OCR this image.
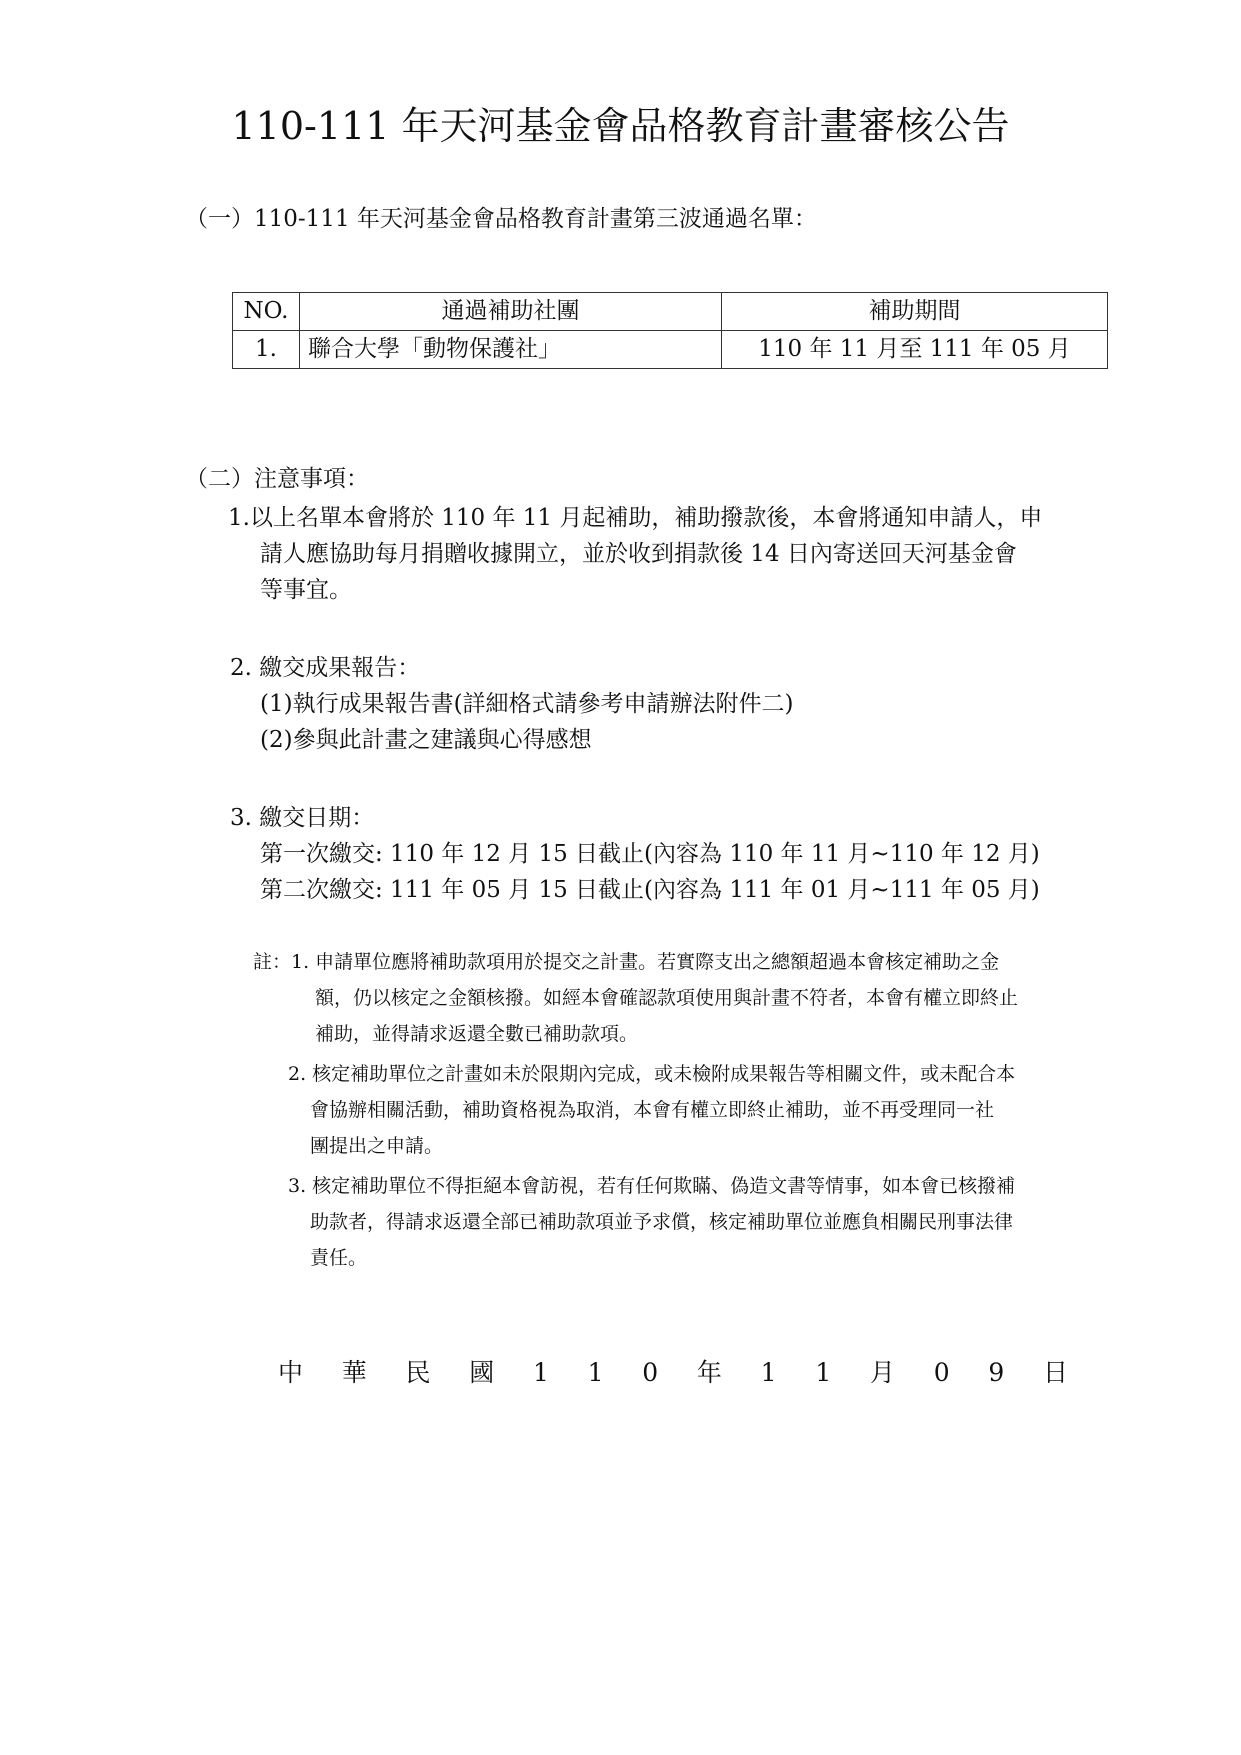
110-111 年天河基金會品格教育計畫審核公告
（一）110-111 年天河基金會品格教育計畫第三波通過名單：
NO.	通過補助社團	補助期間
1.	聯合大學「動物保護社」	110 年 11 月至 111 年 05 月
（二）注意事項：
1.以上名單本會將於 110 年 11 月起補助，補助撥款後，本會將通知申請人，申
請人應協助每月捐贈收據開立，並於收到捐款後 14 日內寄送回天河基金會
等事宜。
2. 繳交成果報告：
(1)執行成果報告書(詳細格式請參考申請辦法附件二)
(2)參與此計畫之建議與心得感想
3. 繳交日期：
第一次繳交: 110 年 12 月 15 日截止(內容為 110 年 11 月~110 年 12 月)
第二次繳交: 111 年 05 月 15 日截止(內容為 111 年 01 月~111 年 05 月)
註：1. 申請單位應將補助款項用於提交之計畫。若實際支出之總額超過本會核定補助之金
額，仍以核定之金額核撥。如經本會確認款項使用與計畫不符者，本會有權立即終止
補助，並得請求返還全數已補助款項。
2. 核定補助單位之計畫如未於限期內完成，或未檢附成果報告等相關文件，或未配合本
會協辦相關活動，補助資格視為取消，本會有權立即終止補助，並不再受理同一社
團提出之申請。
3. 核定補助單位不得拒絕本會訪視，若有任何欺瞞、偽造文書等情事，如本會已核撥補
助款者，得請求返還全部已補助款項並予求償，核定補助單位並應負相關民刑事法律
責任。
中 華 民 國 1 1 0 年 1 1 月 0 9 日
